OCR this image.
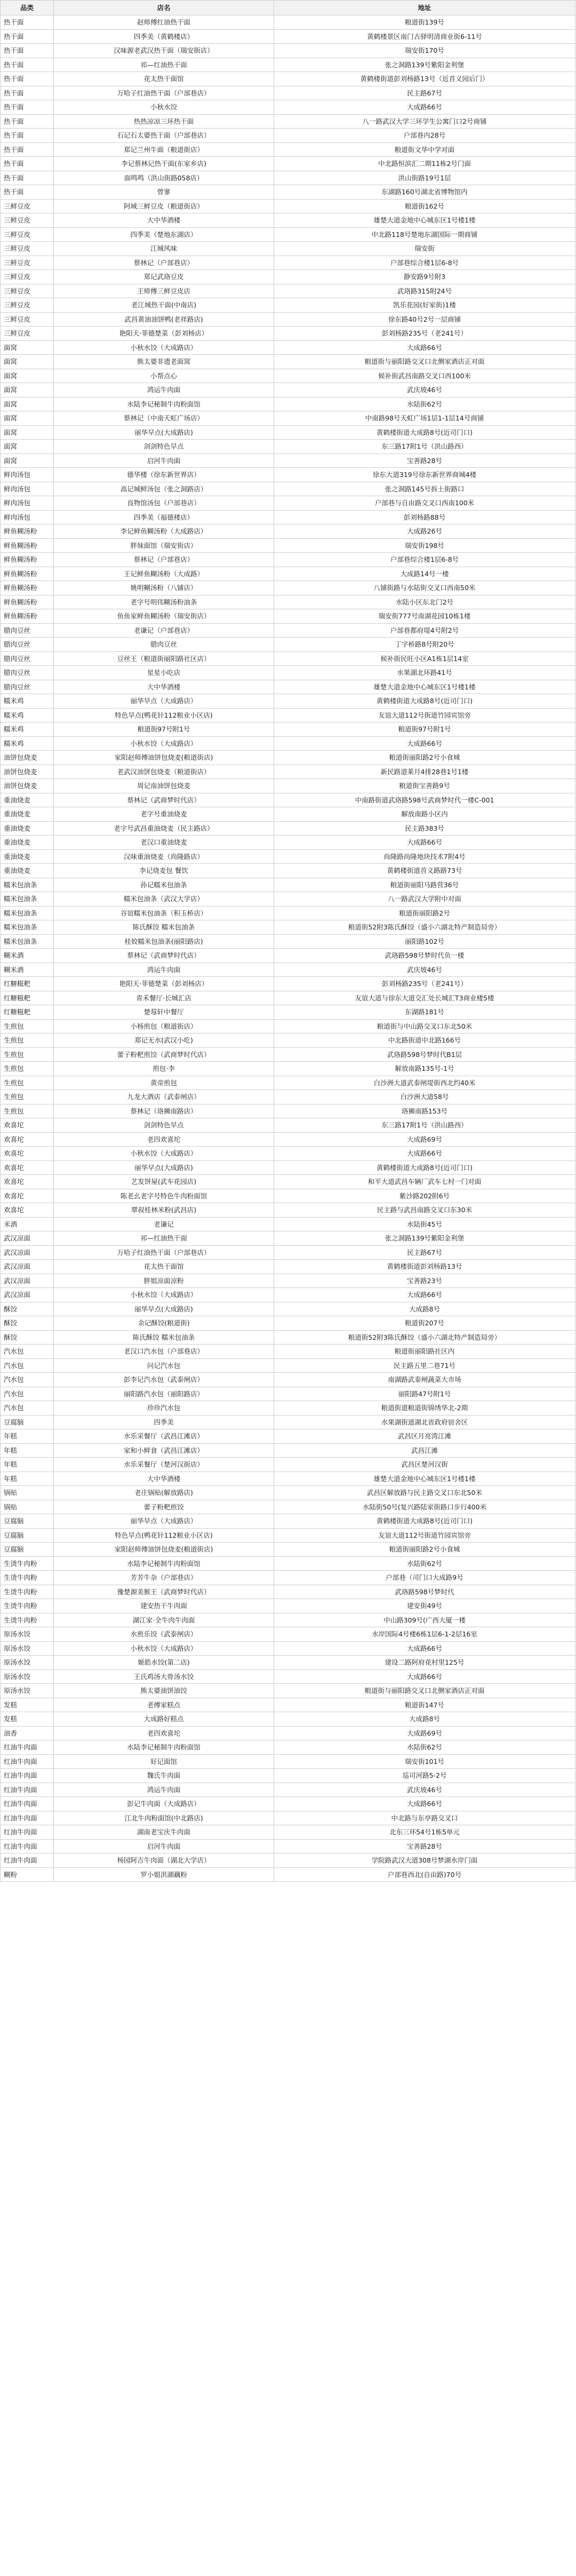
品类	店名	地址
热干面	赵师傅红油热干面	粮道街139号
热干面	四季美（黄鹤楼店）	黄鹤楼景区南门古驿明清商业街6-11号
热干面	汉味源老武汉热干面（瑞安街店）	瑞安街170号
热干面	祁—红油热干面	张之洞路139号紫阳金利堡
热干面	花太热干面馆	黄鹤楼街道彭刘杨路13号（近首义园后门）
热干面	万哈子红油热干面（户部巷店）	民主路67号
热干面	小秋水饺	大成路66号
热干面	热热凉凉三环热干面	八一路武汉大学三环学生公寓门口2号商铺
热干面	石记石太婆热干面（户部巷店）	户部巷内28号
热干面	郑记兰州牛面（粮道街店）	粮道街文华中学对面
热干面	李记蔡林记热干面(东家乡店)	中北路恒滨汇二期11栋2号门面
热干面	面鸣鸣（洪山街路058店）	洪山街路19号1层
热干面	曾寥	东湖路160号湖北省博物馆内
三鲜豆皮	阿城三鲜豆皮（粮道街店）	粮道街162号
三鲜豆皮	大中华酒楼	雄楚大道金地中心城东区1号楼1楼
三鲜豆皮	四季美（楚地东湖店）	中北路118号楚地东湖国际一期商铺
三鲜豆皮	江城风味	瑞安街
三鲜豆皮	蔡林记（户部巷店）	户部巷综合楼1层6-8号
三鲜豆皮	郑记武珞豆皮	静安路9号附3
三鲜豆皮	王师傅三鲜豆皮店	武珞路315附24号
三鲜豆皮	老江城热干面(中南店)	凯乐花园(好家街)1楼
三鲜豆皮	武昌黄油油饼鸭(老祥路店)	徐东路40号2号一层商铺
三鲜豆皮	艳阳天·菲德楚菜（彭刘杨店）	彭刘杨路235号（老241号）
面窝	小秋水饺（大成路店）	大成路66号
面窝	熊太婆非遗老面窝	粮道街与丽阳路交叉口北侧家酒店正对面
面窝	小帮点心	候补街武昌南路交叉口西100米
面窝	鸿运牛肉面	武庆坡46号
面窝	水陆李记秘制牛肉粉面馆	水陆街62号
面窝	蔡林记（中南天虹广场店）	中南路98号天虹广场1层1-1层14号商铺
面窝	丽华早点(大成路店)	黄鹤楼街道大成路8号(近司门口)
面窝	剑剑特色早点	东三路17附1号（洪山路西）
面窝	启河牛肉面	宝善路28号
鲜肉汤包	德华楼（徐东新世界店）	徐东大道319号徐东新世界商城4楼
鲜肉汤包	高记城鲜汤包（张之洞路店）	张之洞路145号拆土街路口
鲜肉汤包	良物馆汤包（户部巷店）	户部巷与自由路交叉口西南100米
鲜肉汤包	四季美（福德楼店）	彭刘杨路88号
鲜鱼糊汤粉	李记鲜鱼糊汤粉（大成路店）	大成路26号
鲜鱼糊汤粉	胖妹面馆（瑞安街店）	瑞安街198号
鲜鱼糊汤粉	蔡林记（户部巷店）	户部巷综合楼1层6-8号
鲜鱼糊汤粉	王记鲜鱼糊汤粉（大成路）	大成路14号一楼
鲜鱼糊汤粉	姚明糊汤粉（八铺店）	八铺街路与水陆街交叉口西南50米
鲜鱼糊汤粉	老字号明伟糊汤粉油条	水陆小区东北门2号
鲜鱼糊汤粉	鱼鱼家鲜鱼糊汤粉（瑞安街店）	瑞安街777号南湖花园10栋1楼
腊肉豆丝	老谦记（户部巷店）	户部巷都府堤4号附2号
腊肉豆丝	腊肉豆丝	丁字桥路8号附20号
腊肉豆丝	豆丝王（粮道街丽阳路社区店）	候补街民旺小区A1栋1层14室
腊肉豆丝	星星小吃店	水果湖北环路41号
腊肉豆丝	大中华酒楼	雄楚大道金地中心城东区1号楼1楼
糯米鸡	丽华早点（大成路店）	黄鹤楼街道大成路8号(近司门口)
糯米鸡	特色早点(鸭花针112粮业小区店)	友谊大道112号街道竹园宾馆旁
糯米鸡	粮道街97号附1号	粮道街97号附1号
糯米鸡	小秋水饺（大成路店）	大成路66号
油饼包烧麦	家阳赵师傅油饼包烧麦(粮道街店)	粮道街丽阳路2号小食城
油饼包烧麦	老武汉油饼包烧麦（粮道街店）	新民路道莱月4排28巷1号1楼
油饼包烧麦	周记南油饼包烧麦	粮道街宝善路9号
重油烧麦	蔡林记（武商梦时代店）	中南路街道武珞路598号武商梦时代一楼C-001
重油烧麦	老字号重油烧麦	解放南路小区内
重油烧麦	老字号武昌重油烧麦（民主路店）	民主路383号
重油烧麦	老汉口重油烧麦	大成路66号
重油烧麦	汉味重油烧麦（尚隆路店）	尚隆路尚隆地块技术7附4号
重油烧麦	李记烧麦包 餐饮	黄鹤楼街道首义路路73号
糯米包油条	孙记糯米包油条	粮道街丽阳马路营36号
糯米包油条	糯米包油条（武汉大学店）	八一路武汉大学附中对面
糯米包油条	谷谊糯米包油条（积玉桥店）	粮道街丽阳路2号
糯米包油条	陈氏酥饺 糯米包油条	粮道街52附3陈氏酥饺（盛小六湖北特产制造局旁）
糯米包油条	桂姣糯米包油条(丽阳路店)	丽阳路102号
糊米酒	蔡林记（武商梦时代店）	武珞路598号梦时代负一楼
糊米酒	鸿运牛肉面	武庆坡46号
红糖糍粑	艳阳天·菲德楚菜（彭刘杨店）	彭刘杨路235号（老241号）
红糖糍粑	青禾餐厅·长城汇店	友谊大道与徐东大道交汇处长城汇T3商业楼5楼
红糖糍粑	楚莓轩中餐厅	东湖路181号
生煎包	小杨煎包（粮道街店）	粮道街与中山路交叉口东北50米
生煎包	郑记无水(武汉小吃)	中北路街道中北路166号
生煎包	蕾子粉粑煎饺（武商梦时代店）	武珞路598号梦时代B1层
生煎包	煎包·李	解放南路135号-1号
生煎包	黄帝煎包	白沙洲大道武泰闸堤街西北约40米
生煎包	九龙大酒店（武泰闸店）	白沙洲大道58号
生煎包	蔡林记（珞狮南路店）	珞狮南路153号
欢喜坨	剑剑特色早点	东三路17附1号（洪山路西）
欢喜坨	老四欢喜坨	大成路69号
欢喜坨	小秋水饺（大成路店）	大成路66号
欢喜坨	丽华早点(大成路店)	黄鹤楼街道大成路8号(近司门口)
欢喜坨	艺发饼屋(武车花园店)	和平大道武昌车辆厂武车七村一门对面
欢喜坨	陈老幺老字号特色牛肉粉面馆	紫沙路202附6号
欢喜坨	覃叔桂林米粉(武昌店)	民主路与武昌南路交叉口东30米
米酒	老谦记	水陆街45号
武汉凉面	祁—红油热干面	张之洞路139号紫阳金利堡
武汉凉面	万哈子红油热干面（户部巷店）	民主路67号
武汉凉面	花太热干面馆	黄鹤楼街道彭刘杨路13号
武汉凉面	胖姐凉面凉粉	宝善路23号
武汉凉面	小秋水饺（大成路店）	大成路66号
酥饺	丽华早点(大成路店)	大成路8号
酥饺	余记酥饺(粮道街)	粮道街207号
酥饺	陈氏酥饺 糯米包油条	粮道街52附3陈氏酥饺（盛小六湖北特产制造局旁）
汽水包	老汉口汽水包（户部巷店）	粮道街丽阳路社区内
汽水包	问记汽水包	民主路五里二巷71号
汽水包	彭李记汽水包（武泰闸店）	南湖路武泰闸蔬菜大市场
汽水包	丽阳路汽水包（丽阳路店）	丽阳路47号附1号
汽水包	珍珍汽水包	粮道街道粮道街锦绣华北-2期
豆腐脑	四季美	水果湖街道湖北省政府宿舍区
年糕	水乐采餐厅（武昌江滩店）	武昌区月亮湾江滩
年糕	家和小鲜食（武昌江滩店）	武昌江滩
年糕	水乐采餐厅（楚河汉街店）	武昌区楚河汉街
年糕	大中华酒楼	雄楚大道金地中心城东区1号楼1楼
锅贴	老庄锅贴(解放路店)	武昌区解放路与民主路交叉口东北50米
锅贴	蕾子粉粑煎饺	水陆街50号(复兴路陆家街路口步行400米
豆腐脑	丽华早点（大成路店）	黄鹤楼街道大成路8号(近司门口)
豆腐脑	特色早点(鸭花针112粮业小区店)	友谊大道112号街道竹园宾馆旁
豆腐脑	家阳赵师傅油饼包烧麦(粮道街店)	粮道街丽阳路2号小食城
生烫牛肉粉	水陆李记秘制牛肉粉面馆	水陆街62号
生烫牛肉粉	芳芳牛杂（户部巷店）	户部巷（司门口大成路9号
生烫牛肉粉	豫楚源美猴王（武商梦时代店）	武珞路598号梦时代
生烫牛肉粉	建安热干牛肉面	建安街49号
生烫牛肉粉	湖江家·全牛肉牛肉面	中山路309号(广西大厦一楼
原汤水饺	水煎乐饺（武泰闸店）	水岸国际4号楼6栋1层6-1-2层16室
原汤水饺	小秋水饺（大成路店）	大成路66号
原汤水饺	姬皓水饺(第二店)	建设二路阿府花村里125号
原汤水饺	王氏鸡汤大骨汤水饺	大成路66号
原汤水饺	熊太婆油饼油饺	粮道街与丽阳路交叉口北侧家酒店正对面
发糕	老傅家糕点	粮道街147号
发糕	大成路好糕点	大成路8号
油香	老四欢喜坨	大成路69号
红油牛肉面	水陆李记秘制牛肉粉面馆	水陆街62号
红油牛肉面	好记面馆	瑞安街101号
红油牛肉面	魏氏牛肉面	巡司河路5-2号
红油牛肉面	鸿运牛肉面	武庆坡46号
红油牛肉面	彭记牛肉面（大成路店）	大成路66号
红油牛肉面	江北牛肉粉面馆(中北路店)	中北路与东亭路交叉口
红油牛肉面	湖南老宝庆牛肉面	北东三环54号1栋5单元
红油牛肉面	启河牛肉面	宝善路28号
红油牛肉面	杨园阿吉牛肉面（湖北大学店）	学院路武汉大道308号梦湖水岸门面
糊粉	罗小姐洪湖藕粉	户部巷西北(自由路)70号
